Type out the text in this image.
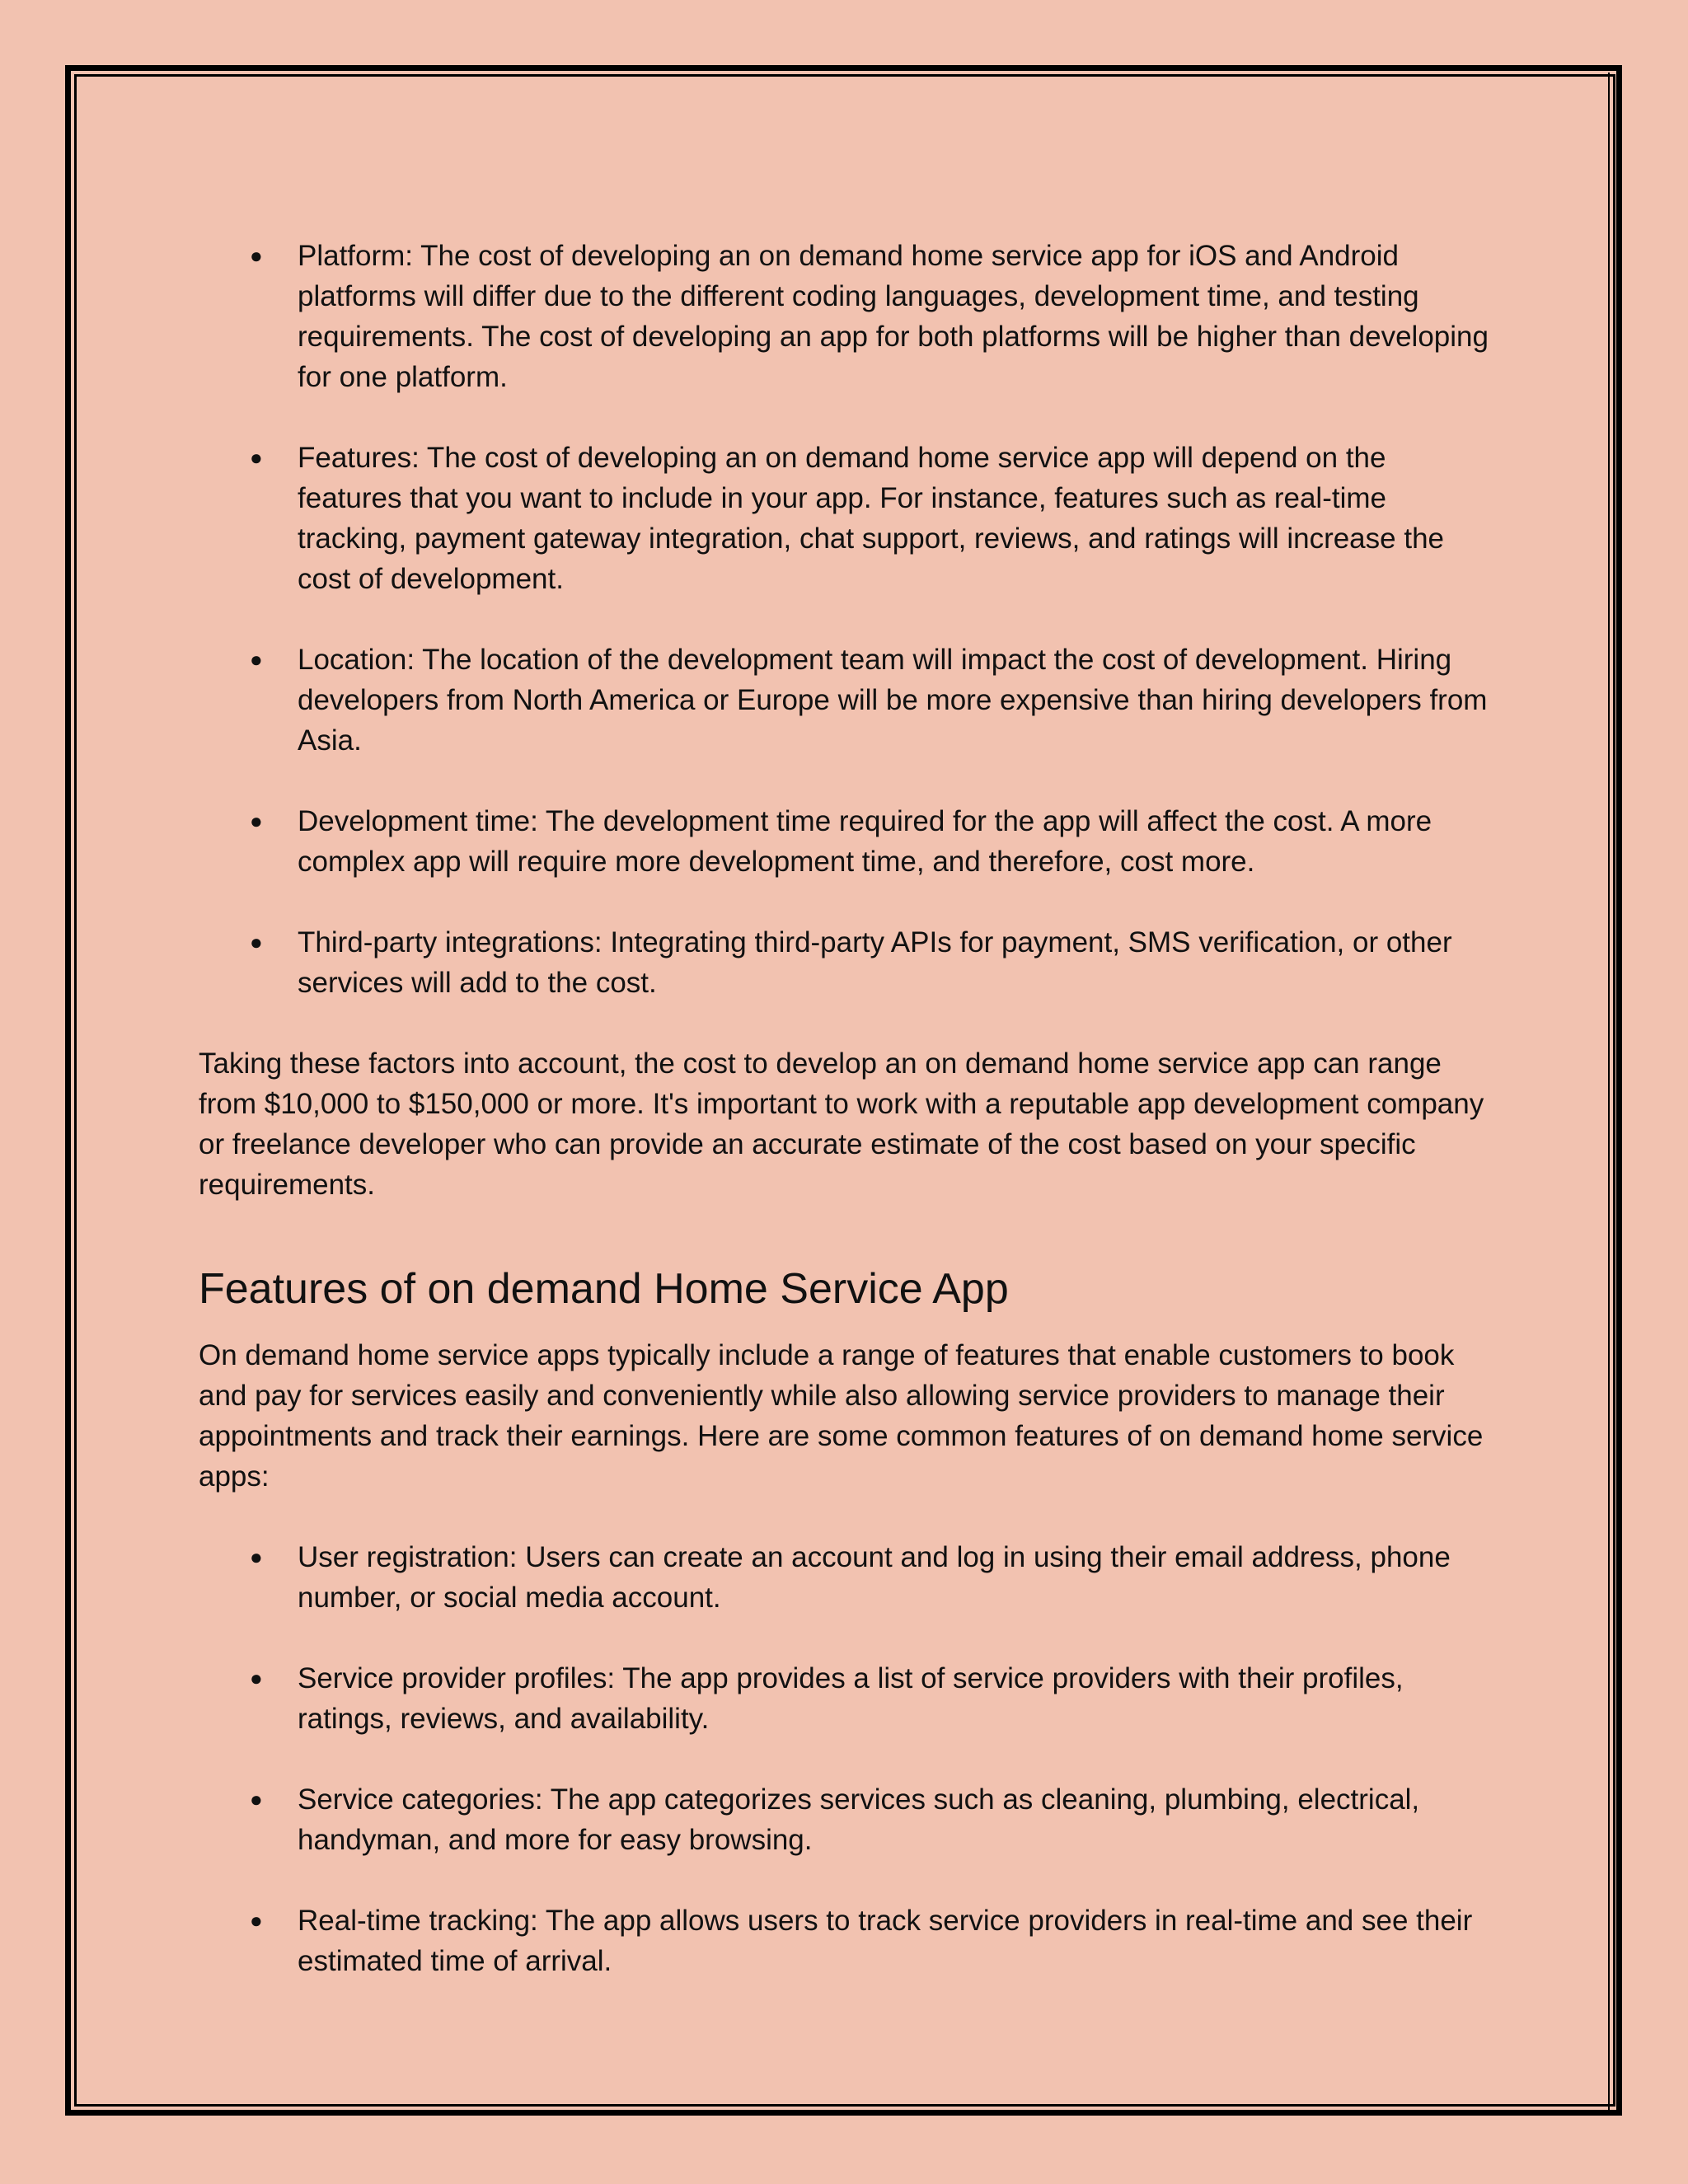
● Platform: The cost of developing an on demand home service app for iOS and Android platforms will differ due to the different coding languages, development time, and testing requirements. The cost of developing an app for both platforms will be higher than developing for one platform.
● Features: The cost of developing an on demand home service app will depend on the features that you want to include in your app. For instance, features such as real-time tracking, payment gateway integration, chat support, reviews, and ratings will increase the cost of development.
● Location: The location of the development team will impact the cost of development. Hiring developers from North America or Europe will be more expensive than hiring developers from Asia.
● Development time: The development time required for the app will affect the cost. A more complex app will require more development time, and therefore, cost more.
● Third-party integrations: Integrating third-party APIs for payment, SMS verification, or other services will add to the cost.

Taking these factors into account, the cost to develop an on demand home service app can range from $10,000 to $150,000 or more. It's important to work with a reputable app development company or freelance developer who can provide an accurate estimate of the cost based on your specific requirements.

Features of on demand Home Service App

On demand home service apps typically include a range of features that enable customers to book and pay for services easily and conveniently while also allowing service providers to manage their appointments and track their earnings. Here are some common features of on demand home service apps:

● User registration: Users can create an account and log in using their email address, phone number, or social media account.
● Service provider profiles: The app provides a list of service providers with their profiles, ratings, reviews, and availability.
● Service categories: The app categorizes services such as cleaning, plumbing, electrical, handyman, and more for easy browsing.
● Real-time tracking: The app allows users to track service providers in real-time and see their estimated time of arrival.
